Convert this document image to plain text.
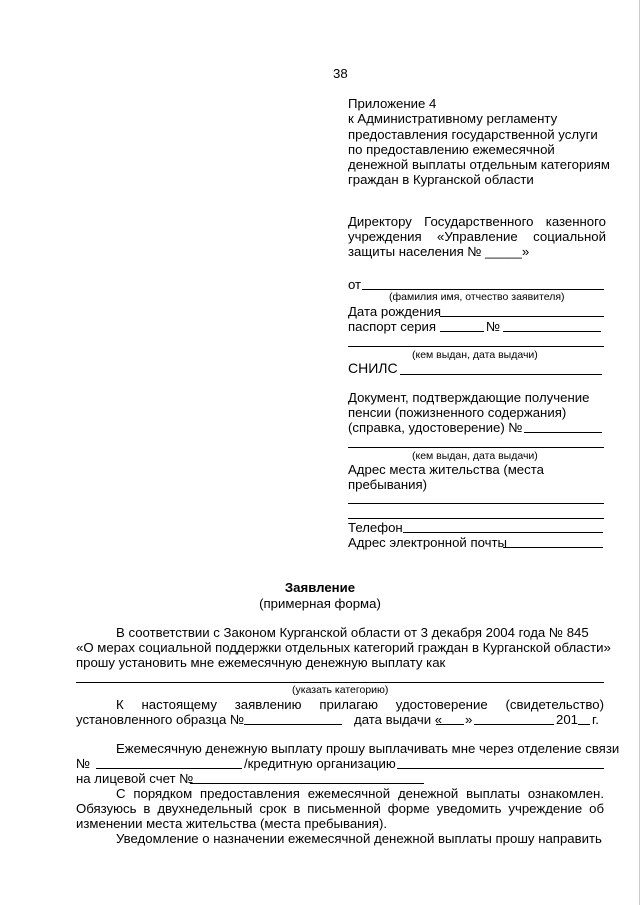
38
Приложение 4
к Административному регламенту
предоставления государственной услуги
по предоставлению ежемесячной
денежной выплаты отдельным категориям
граждан в Курганской области
Директору Государственного казенного
учреждения «Управление социальной
защиты населения № _____»
от
(фамилия имя, отчество заявителя)
Дата рождения
паспорт серия	№
(кем выдан, дата выдачи)
СНИЛС
Документ, подтверждающие получение
пенсии (пожизненного содержания)
(справка, удостоверение) №
(кем выдан, дата выдачи)
Адрес места жительства (места
пребывания)
Телефон
Адрес электронной почты
Заявление
(примерная форма)
В соответствии с Законом Курганской области от 3 декабря 2004 года № 845
«О мерах социальной поддержки отдельных категорий граждан в Курганской области»
прошу установить мне ежемесячную денежную выплату как
(указать категорию)
К настоящему заявлению прилагаю удостоверение (свидетельство)
установленного образца №	дата выдачи « »	201 г.
Ежемесячную денежную выплату прошу выплачивать мне через отделение связи
№	/кредитную организацию
на лицевой счет №
С порядком предоставления ежемесячной денежной выплаты ознакомлен.
Обязуюсь в двухнедельный срок в письменной форме уведомить учреждение об
изменении места жительства (места пребывания).
Уведомление о назначении ежемесячной денежной выплаты прошу направить
